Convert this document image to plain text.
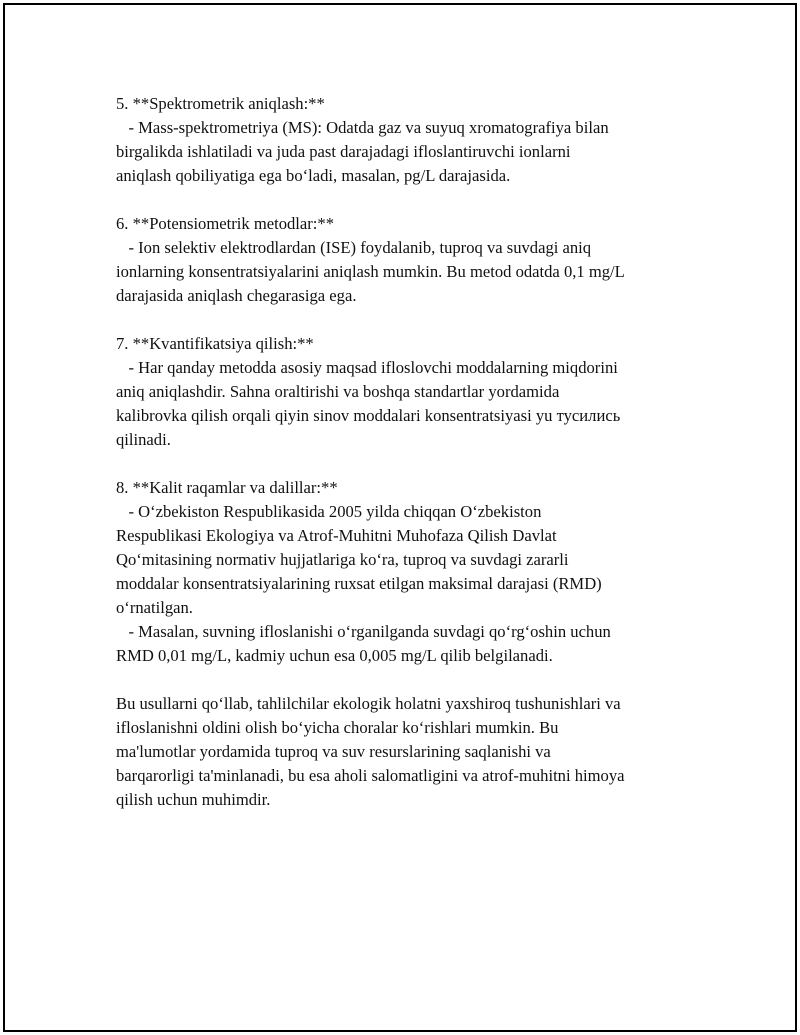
5. **Spektrometrik aniqlash:**
- Mass-spektrometriya (MS): Odatda gaz va suyuq xromatografiya bilan
birgalikda ishlatiladi va juda past darajadagi ifloslantiruvchi ionlarni
aniqlash qobiliyatiga ega bo‘ladi, masalan, pg/L darajasida.
6. **Potensiometrik metodlar:**
- Ion selektiv elektrodlardan (ISE) foydalanib, tuproq va suvdagi aniq
ionlarning konsentratsiyalarini aniqlash mumkin. Bu metod odatda 0,1 mg/L
darajasida aniqlash chegarasiga ega.
7. **Kvantifikatsiya qilish:**
- Har qanday metodda asosiy maqsad ifloslovchi moddalarning miqdorini
aniq aniqlashdir. Sahna oraltirishi va boshqa standartlar yordamida
kalibrovka qilish orqali qiyin sinov moddalari konsentratsiyasi yu тусились
qilinadi.
8. **Kalit raqamlar va dalillar:**
- O‘zbekiston Respublikasida 2005 yilda chiqqan O‘zbekiston
Respublikasi Ekologiya va Atrof-Muhitni Muhofaza Qilish Davlat
Qo‘mitasining normativ hujjatlariga ko‘ra, tuproq va suvdagi zararli
moddalar konsentratsiyalarining ruxsat etilgan maksimal darajasi (RMD)
o‘rnatilgan.
- Masalan, suvning ifloslanishi o‘rganilganda suvdagi qo‘rg‘oshin uchun
RMD 0,01 mg/L, kadmiy uchun esa 0,005 mg/L qilib belgilanadi.
Bu usullarni qo‘llab, tahlilchilar ekologik holatni yaxshiroq tushunishlari va
ifloslanishni oldini olish bo‘yicha choralar ko‘rishlari mumkin. Bu
ma'lumotlar yordamida tuproq va suv resurslarining saqlanishi va
barqarorligi ta'minlanadi, bu esa aholi salomatligini va atrof-muhitni himoya
qilish uchun muhimdir.
